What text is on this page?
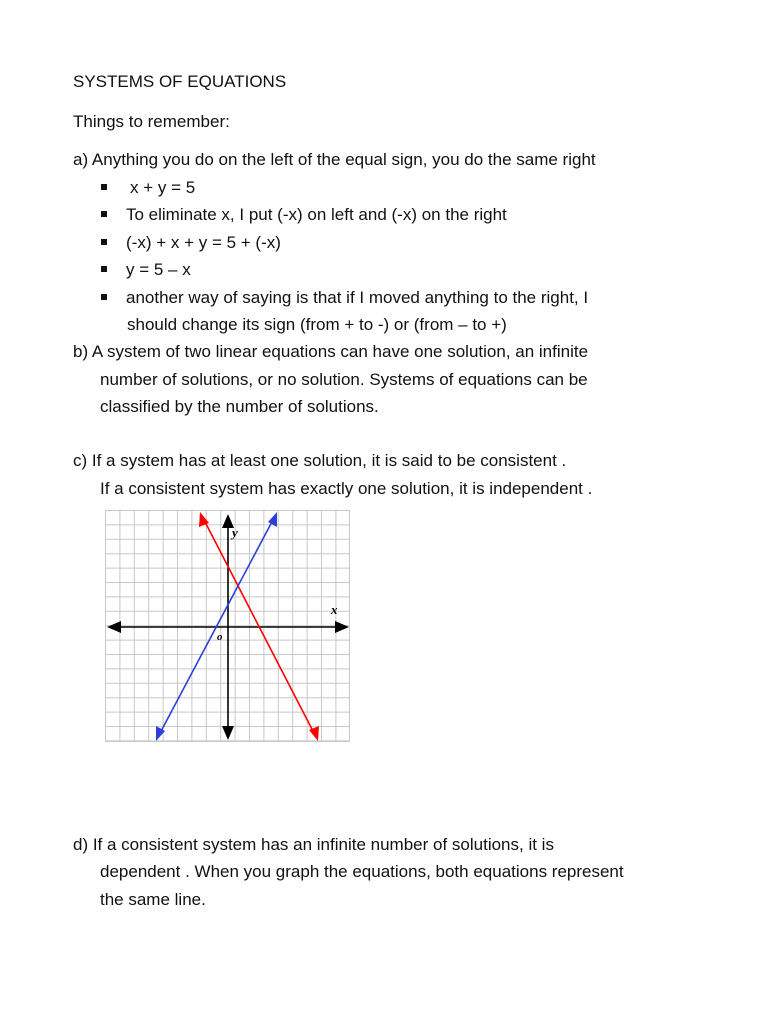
SYSTEMS OF EQUATIONS
Things to remember:
a) Anything you do on the left of the equal sign, you do the same right
x + y = 5
To eliminate x, I put (-x) on left and (-x) on the right
(-x) + x + y = 5 + (-x)
y = 5 – x
another way of saying is that if I moved anything to the right, I
should change its sign (from + to -) or (from – to +)
b) A system of two linear equations can have one solution, an infinite
number of solutions, or no solution. Systems of equations can be
classified by the number of solutions.
c) If a system has at least one solution, it is said to be consistent .
If a consistent system has exactly one solution, it is independent .
y
x
o
d) If a consistent system has an infinite number of solutions, it is
dependent . When you graph the equations, both equations represent
the same line.
